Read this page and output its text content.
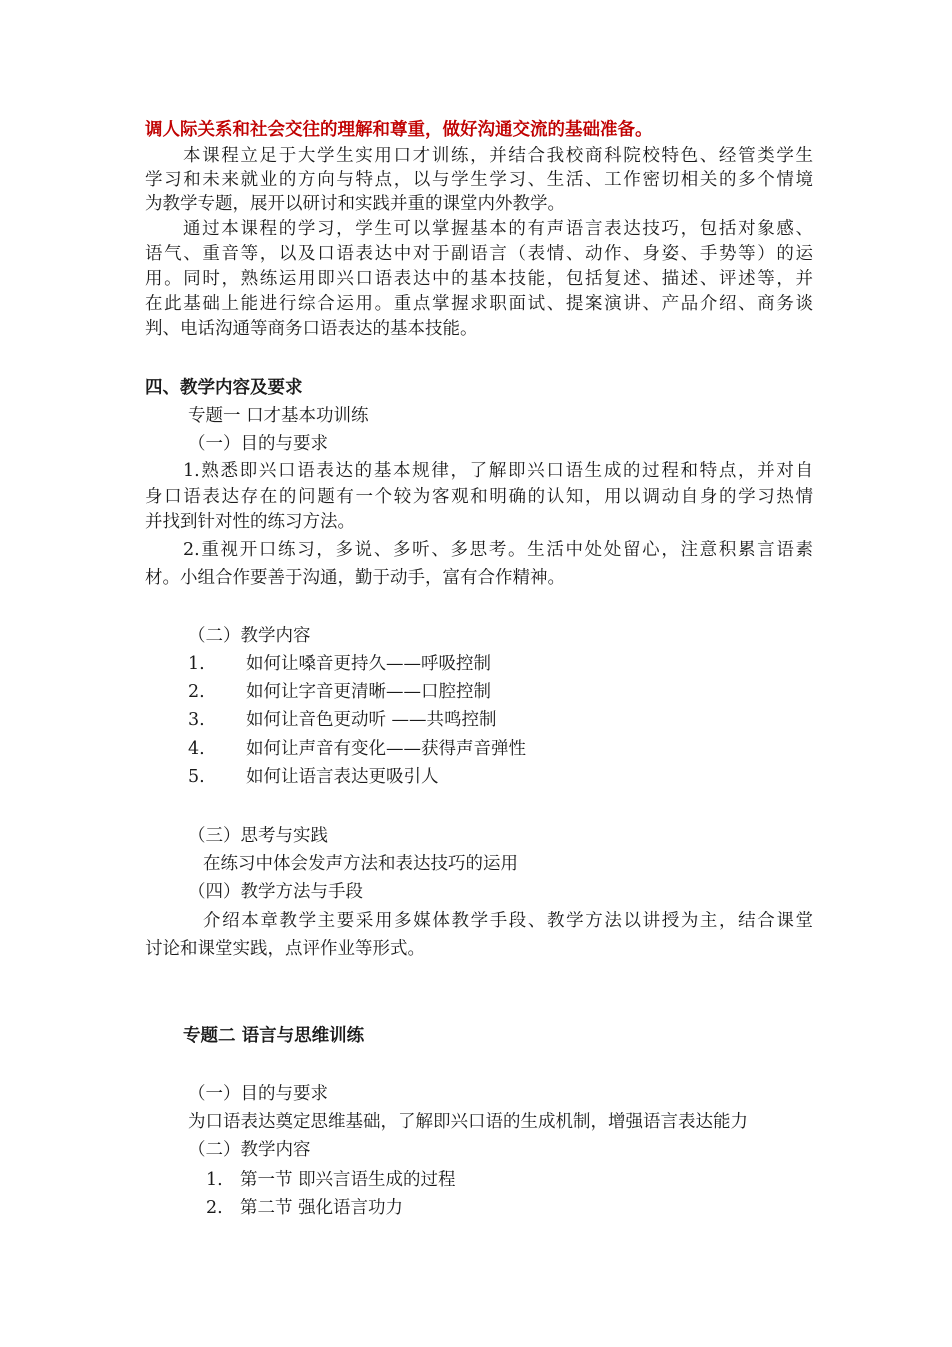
调人际关系和社会交往的理解和尊重，做好沟通交流的基础准备。
本课程立足于大学生实用口才训练，并结合我校商科院校特色、经管类学生
学习和未来就业的方向与特点，以与学生学习、生活、工作密切相关的多个情境
为教学专题，展开以研讨和实践并重的课堂内外教学。
通过本课程的学习，学生可以掌握基本的有声语言表达技巧，包括对象感、
语气、重音等，以及口语表达中对于副语言（表情、动作、身姿、手势等）的运
用。同时，熟练运用即兴口语表达中的基本技能，包括复述、描述、评述等，并
在此基础上能进行综合运用。重点掌握求职面试、提案演讲、产品介绍、商务谈
判、电话沟通等商务口语表达的基本技能。
四、教学内容及要求
专题一 口才基本功训练
（一）目的与要求
1.熟悉即兴口语表达的基本规律，了解即兴口语生成的过程和特点，并对自
身口语表达存在的问题有一个较为客观和明确的认知，用以调动自身的学习热情
并找到针对性的练习方法。
2.重视开口练习，多说、多听、多思考。生活中处处留心，注意积累言语素
材。小组合作要善于沟通，勤于动手，富有合作精神。
（二）教学内容
1. 如何让嗓音更持久——呼吸控制
2. 如何让字音更清晰——口腔控制
3. 如何让音色更动听 ——共鸣控制
4. 如何让声音有变化——获得声音弹性
5. 如何让语言表达更吸引人
（三）思考与实践
在练习中体会发声方法和表达技巧的运用
（四）教学方法与手段
介绍本章教学主要采用多媒体教学手段、教学方法以讲授为主，结合课堂
讨论和课堂实践，点评作业等形式。
专题二 语言与思维训练
（一）目的与要求
为口语表达奠定思维基础，了解即兴口语的生成机制，增强语言表达能力
（二）教学内容
1. 第一节 即兴言语生成的过程
2. 第二节 强化语言功力
